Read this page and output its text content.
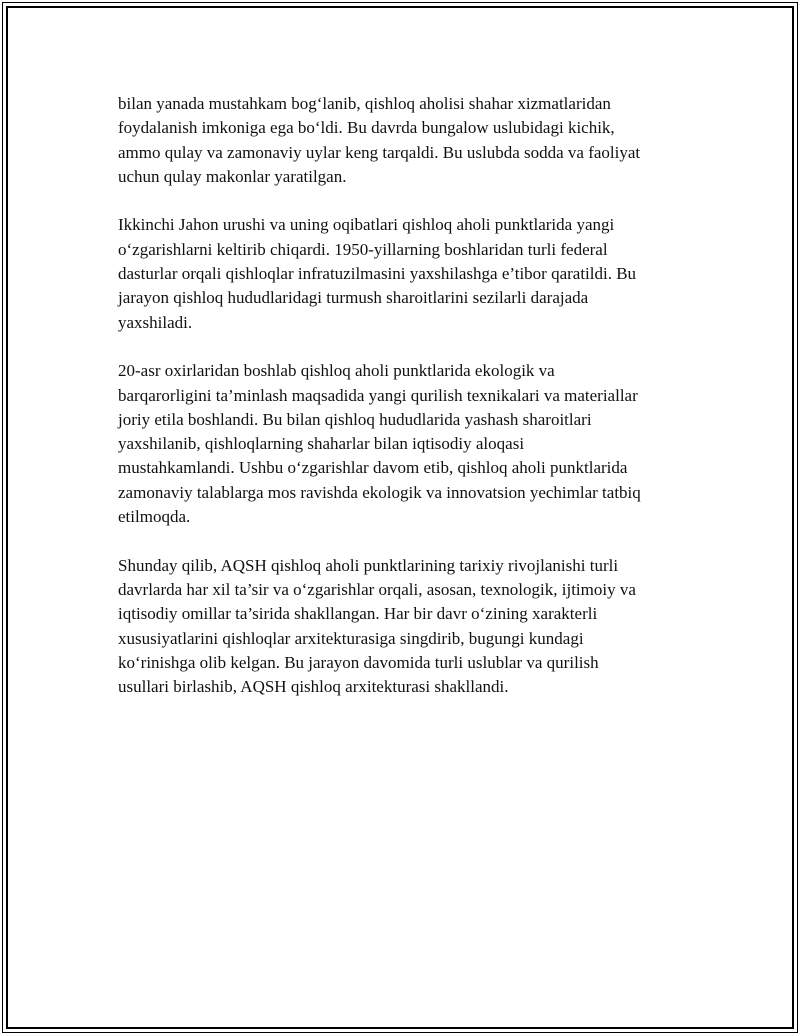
bilan yanada mustahkam bog‘lanib, qishloq aholisi shahar xizmatlaridan
foydalanish imkoniga ega bo‘ldi. Bu davrda bungalow uslubidagi kichik,
ammo qulay va zamonaviy uylar keng tarqaldi. Bu uslubda sodda va faoliyat
uchun qulay makonlar yaratilgan.

Ikkinchi Jahon urushi va uning oqibatlari qishloq aholi punktlarida yangi
o‘zgarishlarni keltirib chiqardi. 1950-yillarning boshlaridan turli federal
dasturlar orqali qishloqlar infratuzilmasini yaxshilashga e’tibor qaratildi. Bu
jarayon qishloq hududlaridagi turmush sharoitlarini sezilarli darajada
yaxshiladi.

20-asr oxirlaridan boshlab qishloq aholi punktlarida ekologik va
barqarorligini ta’minlash maqsadida yangi qurilish texnikalari va materiallar
joriy etila boshlandi. Bu bilan qishloq hududlarida yashash sharoitlari
yaxshilanib, qishloqlarning shaharlar bilan iqtisodiy aloqasi
mustahkamlandi. Ushbu o‘zgarishlar davom etib, qishloq aholi punktlarida
zamonaviy talablarga mos ravishda ekologik va innovatsion yechimlar tatbiq
etilmoqda.

Shunday qilib, AQSH qishloq aholi punktlarining tarixiy rivojlanishi turli
davrlarda har xil ta’sir va o‘zgarishlar orqali, asosan, texnologik, ijtimoiy va
iqtisodiy omillar ta’sirida shakllangan. Har bir davr o‘zining xarakterli
xususiyatlarini qishloqlar arxitekturasiga singdirib, bugungi kundagi
ko‘rinishga olib kelgan. Bu jarayon davomida turli uslublar va qurilish
usullari birlashib, AQSH qishloq arxitekturasi shakllandi.
